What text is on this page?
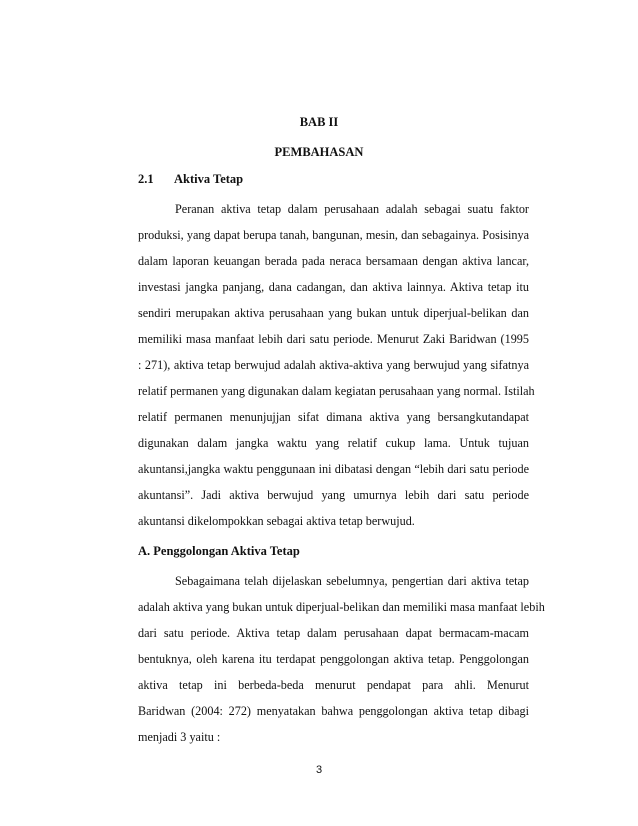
BAB II
PEMBAHASAN
2.1 Aktiva Tetap
Peranan aktiva tetap dalam perusahaan adalah sebagai suatu faktor
produksi, yang dapat berupa tanah, bangunan, mesin, dan sebagainya. Posisinya
dalam laporan keuangan berada pada neraca bersamaan dengan aktiva lancar,
investasi jangka panjang, dana cadangan, dan aktiva lainnya. Aktiva tetap itu
sendiri merupakan aktiva perusahaan yang bukan untuk diperjual-belikan dan
memiliki masa manfaat lebih dari satu periode. Menurut Zaki Baridwan (1995
: 271), aktiva tetap berwujud adalah aktiva-aktiva yang berwujud yang sifatnya
relatif permanen yang digunakan dalam kegiatan perusahaan yang normal. Istilah
relatif permanen menunjujjan sifat dimana aktiva yang bersangkutandapat
digunakan dalam jangka waktu yang relatif cukup lama. Untuk tujuan
akuntansi,jangka waktu penggunaan ini dibatasi dengan “lebih dari satu periode
akuntansi”. Jadi aktiva berwujud yang umurnya lebih dari satu periode
akuntansi dikelompokkan sebagai aktiva tetap berwujud.
A. Penggolongan Aktiva Tetap
Sebagaimana telah dijelaskan sebelumnya, pengertian dari aktiva tetap
adalah aktiva yang bukan untuk diperjual-belikan dan memiliki masa manfaat lebih
dari satu periode. Aktiva tetap dalam perusahaan dapat bermacam-macam
bentuknya, oleh karena itu terdapat penggolongan aktiva tetap. Penggolongan
aktiva tetap ini berbeda-beda menurut pendapat para ahli. Menurut
Baridwan (2004: 272) menyatakan bahwa penggolongan aktiva tetap dibagi
menjadi 3 yaitu :
3
